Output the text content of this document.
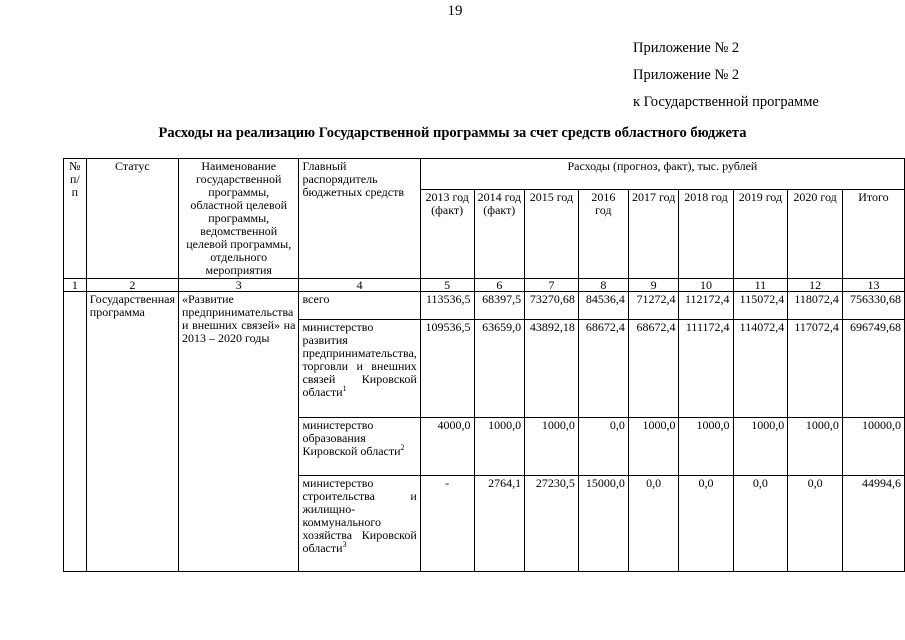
19
Приложение № 2
Приложение № 2
к Государственной программе
Расходы на реализацию Государственной программы за счет средств областного бюджета
№ п/п	Статус	Наименование государственной программы, областной целевой программы, ведомственной целевой программы, отдельного мероприятия	Главный распорядитель бюджетных средств	Расходы (прогноз, факт), тыс. рублей								
				2013 год (факт)	2014 год (факт)	2015 год	2016 год	2017 год	2018 год	2019 год	2020 год	Итого
1	2	3	4	5	6	7	8	9	10	11	12	13
	Государственная программа	«Развитие предпринимательства и внешних связей» на 2013 – 2020 годы	всего	113536,5	68397,5	73270,68	84536,4	71272,4	112172,4	115072,4	118072,4	756330,68
			министерство развития предпринимательства, торговли и внешних связей Кировской области$^1$	109536,5	63659,0	43892,18	68672,4	68672,4	111172,4	114072,4	117072,4	696749,68
			министерство образования Кировской области$^2$	4000,0	1000,0	1000,0	0,0	1000,0	1000,0	1000,0	1000,0	10000,0
			министерство строительства и жилищно-коммунального хозяйства Кировской области$^3$	-	2764,1	27230,5	15000,0	0,0	0,0	0,0	0,0	44994,6
